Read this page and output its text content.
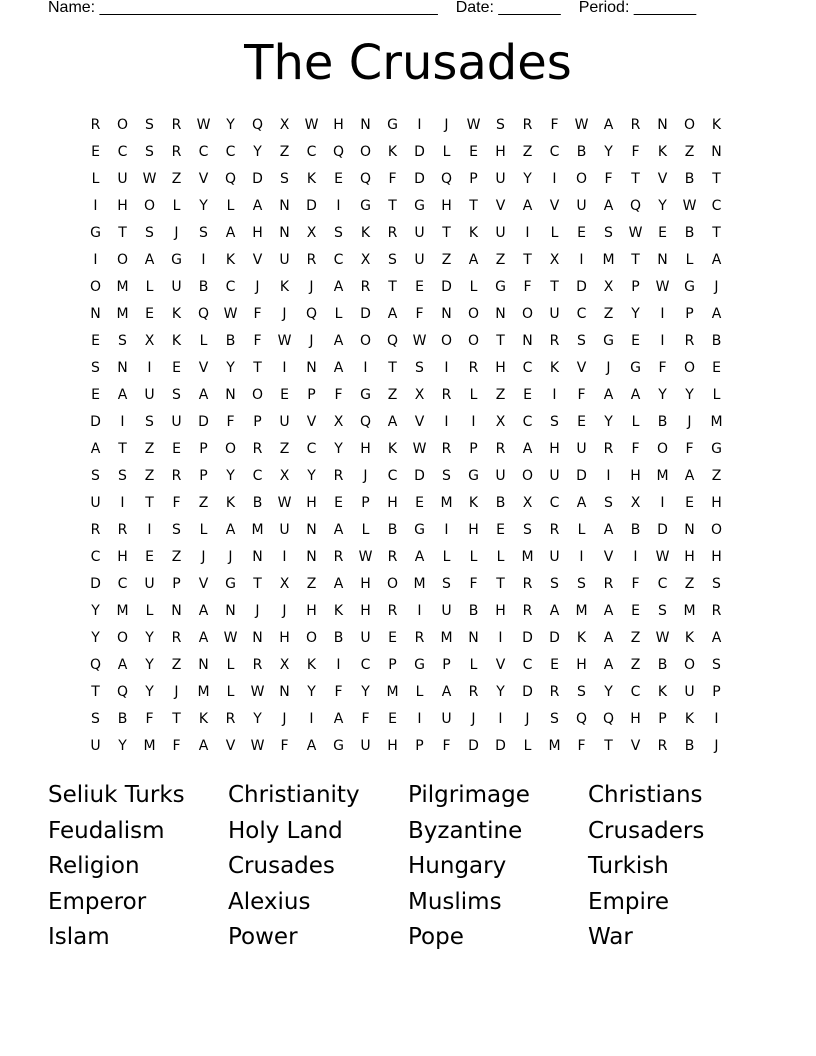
Name: ______________________________________ Date: _______ Period: _______
The Crusades
R	O	S	R	W	Y	Q	X	W	H	N	G	I	J	W	S	R	F	W	A	R	N	O	K
E	C	S	R	C	C	Y	Z	C	Q	O	K	D	L	E	H	Z	C	B	Y	F	K	Z	N
L	U	W	Z	V	Q	D	S	K	E	Q	F	D	Q	P	U	Y	I	O	F	T	V	B	T
I	H	O	L	Y	L	A	N	D	I	G	T	G	H	T	V	A	V	U	A	Q	Y	W	C
G	T	S	J	S	A	H	N	X	S	K	R	U	T	K	U	I	L	E	S	W	E	B	T
I	O	A	G	I	K	V	U	R	C	X	S	U	Z	A	Z	T	X	I	M	T	N	L	A
O	M	L	U	B	C	J	K	J	A	R	T	E	D	L	G	F	T	D	X	P	W	G	J
N	M	E	K	Q	W	F	J	Q	L	D	A	F	N	O	N	O	U	C	Z	Y	I	P	A
E	S	X	K	L	B	F	W	J	A	O	Q	W	O	O	T	N	R	S	G	E	I	R	B
S	N	I	E	V	Y	T	I	N	A	I	T	S	I	R	H	C	K	V	J	G	F	O	E
E	A	U	S	A	N	O	E	P	F	G	Z	X	R	L	Z	E	I	F	A	A	Y	Y	L
D	I	S	U	D	F	P	U	V	X	Q	A	V	I	I	X	C	S	E	Y	L	B	J	M
A	T	Z	E	P	O	R	Z	C	Y	H	K	W	R	P	R	A	H	U	R	F	O	F	G
S	S	Z	R	P	Y	C	X	Y	R	J	C	D	S	G	U	O	U	D	I	H	M	A	Z
U	I	T	F	Z	K	B	W	H	E	P	H	E	M	K	B	X	C	A	S	X	I	E	H
R	R	I	S	L	A	M	U	N	A	L	B	G	I	H	E	S	R	L	A	B	D	N	O
C	H	E	Z	J	J	N	I	N	R	W	R	A	L	L	L	M	U	I	V	I	W	H	H
D	C	U	P	V	G	T	X	Z	A	H	O	M	S	F	T	R	S	S	R	F	C	Z	S
Y	M	L	N	A	N	J	J	H	K	H	R	I	U	B	H	R	A	M	A	E	S	M	R
Y	O	Y	R	A	W	N	H	O	B	U	E	R	M	N	I	D	D	K	A	Z	W	K	A
Q	A	Y	Z	N	L	R	X	K	I	C	P	G	P	L	V	C	E	H	A	Z	B	O	S
T	Q	Y	J	M	L	W	N	Y	F	Y	M	L	A	R	Y	D	R	S	Y	C	K	U	P
S	B	F	T	K	R	Y	J	I	A	F	E	I	U	J	I	J	S	Q	Q	H	P	K	I
U	Y	M	F	A	V	W	F	A	G	U	H	P	F	D	D	L	M	F	T	V	R	B	J
Seliuk Turks	Christianity	Pilgrimage	Christians
Feudalism	Holy Land	Byzantine	Crusaders
Religion	Crusades	Hungary	Turkish
Emperor	Alexius	Muslims	Empire
Islam	Power	Pope	War
